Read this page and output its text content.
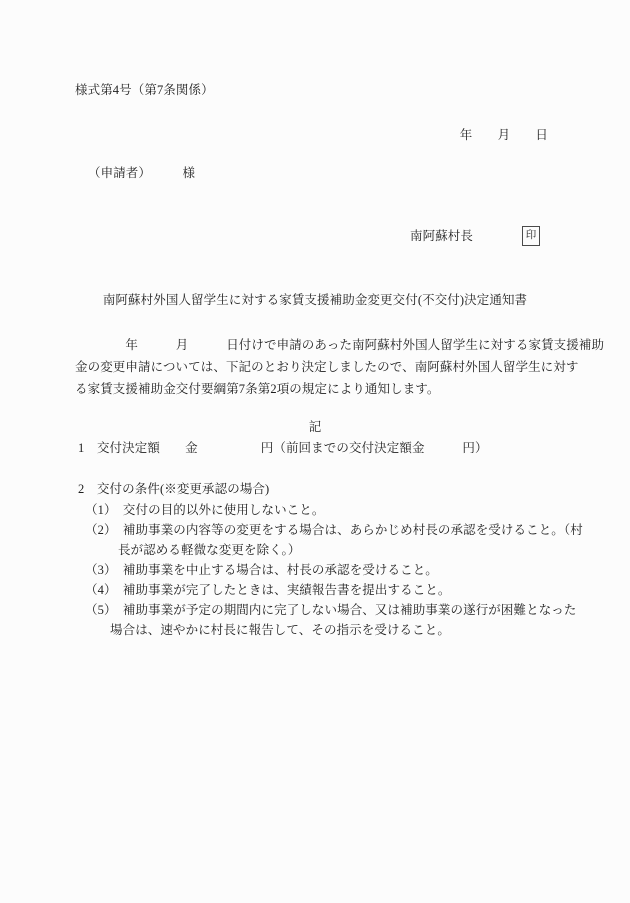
様式第4号（第7条関係）
年　　月　　日
（申請者）　　　様
南阿蘇村長	印
南阿蘇村外国人留学生に対する家賃支援補助金変更交付(不交付)決定通知書
　　　　年　　　月　　　日付けで申請のあった南阿蘇村外国人留学生に対する家賃支援補助
金の変更申請については、下記のとおり決定しましたので、南阿蘇村外国人留学生に対す
る家賃支援補助金交付要綱第7条第2項の規定により通知します。
記
1　交付決定額　　金　　　　　円（前回までの交付決定額金　　　円）
2　交付の条件(※変更承認の場合)
（1）　交付の目的以外に使用しないこと。
（2）　補助事業の内容等の変更をする場合は、あらかじめ村長の承認を受けること。（村
長が認める軽微な変更を除く。）
（3）　補助事業を中止する場合は、村長の承認を受けること。
（4）　補助事業が完了したときは、実績報告書を提出すること。
（5）　補助事業が予定の期間内に完了しない場合、又は補助事業の遂行が困難となった
場合は、速やかに村長に報告して、その指示を受けること。
